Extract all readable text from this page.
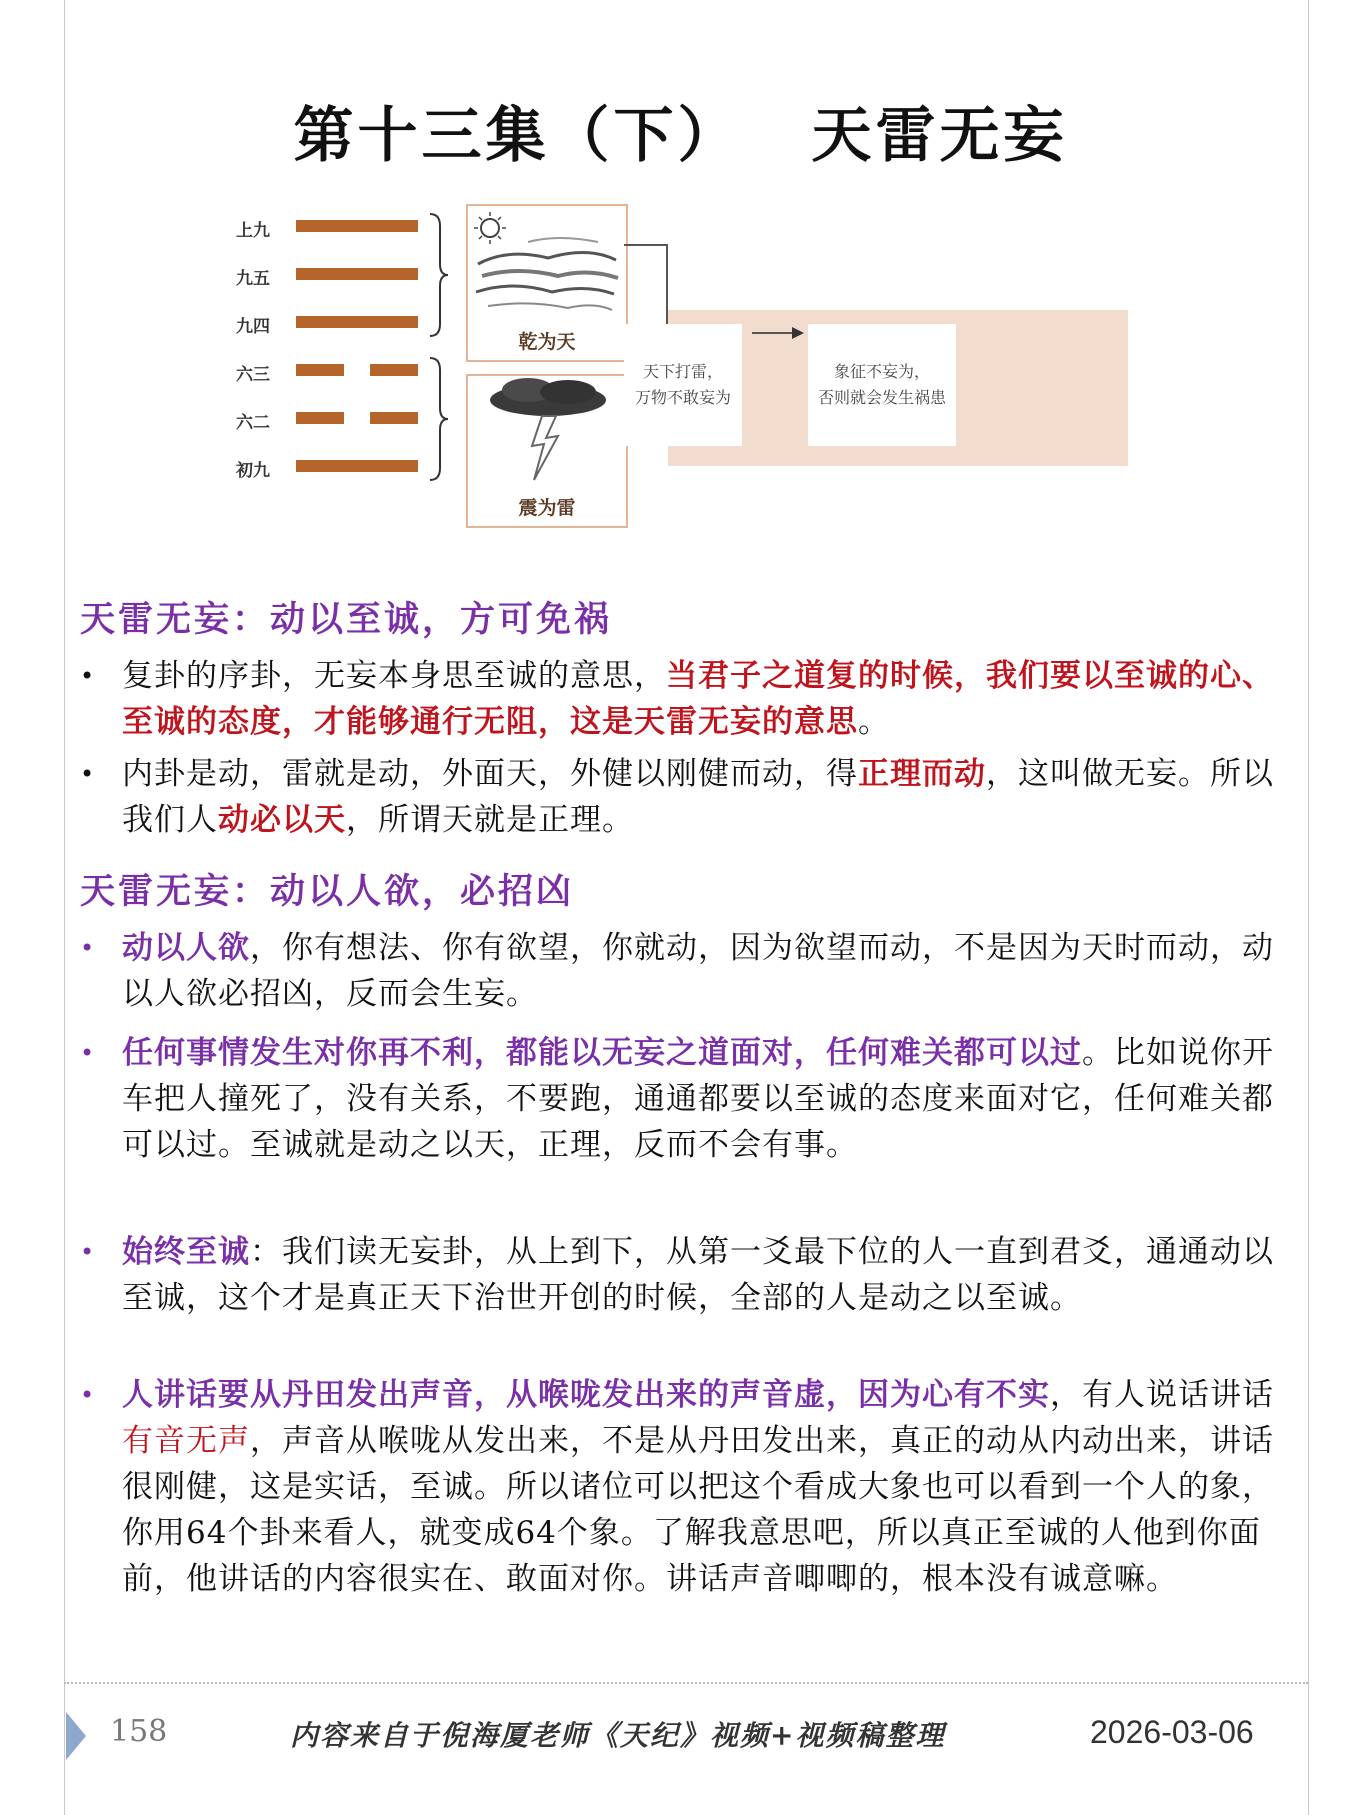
第十三集（下） 天雷无妄
上九
九五
九四
六三
六二
初九
乾为天
震为雷
天下打雷，
万物不敢妄为
象征不妄为，
否则就会发生祸患
天雷无妄：动以至诚，方可免祸
• 复卦的序卦，无妄本身思至诚的意思，当君子之道复的时候，我们要以至诚的心、至诚的态度，才能够通行无阻，这是天雷无妄的意思。
• 内卦是动，雷就是动，外面天，外健以刚健而动，得正理而动，这叫做无妄。所以我们人动必以天，所谓天就是正理。
天雷无妄：动以人欲，必招凶
• 动以人欲，你有想法、你有欲望，你就动，因为欲望而动，不是因为天时而动，动以人欲必招凶，反而会生妄。
• 任何事情发生对你再不利，都能以无妄之道面对，任何难关都可以过。比如说你开车把人撞死了，没有关系，不要跑，通通都要以至诚的态度来面对它，任何难关都可以过。至诚就是动之以天，正理，反而不会有事。
• 始终至诚：我们读无妄卦，从上到下，从第一爻最下位的人一直到君爻，通通动以至诚，这个才是真正天下治世开创的时候，全部的人是动之以至诚。
• 人讲话要从丹田发出声音，从喉咙发出来的声音虚，因为心有不实，有人说话讲话有音无声，声音从喉咙从发出来，不是从丹田发出来，真正的动从内动出来，讲话很刚健，这是实话，至诚。所以诸位可以把这个看成大象也可以看到一个人的象，你用64个卦来看人，就变成64个象。了解我意思吧，所以真正至诚的人他到你面前，他讲话的内容很实在、敢面对你。讲话声音唧唧的，根本没有诚意嘛。
158	内容来自于倪海厦老师《天纪》视频+视频稿整理	2026-03-06
